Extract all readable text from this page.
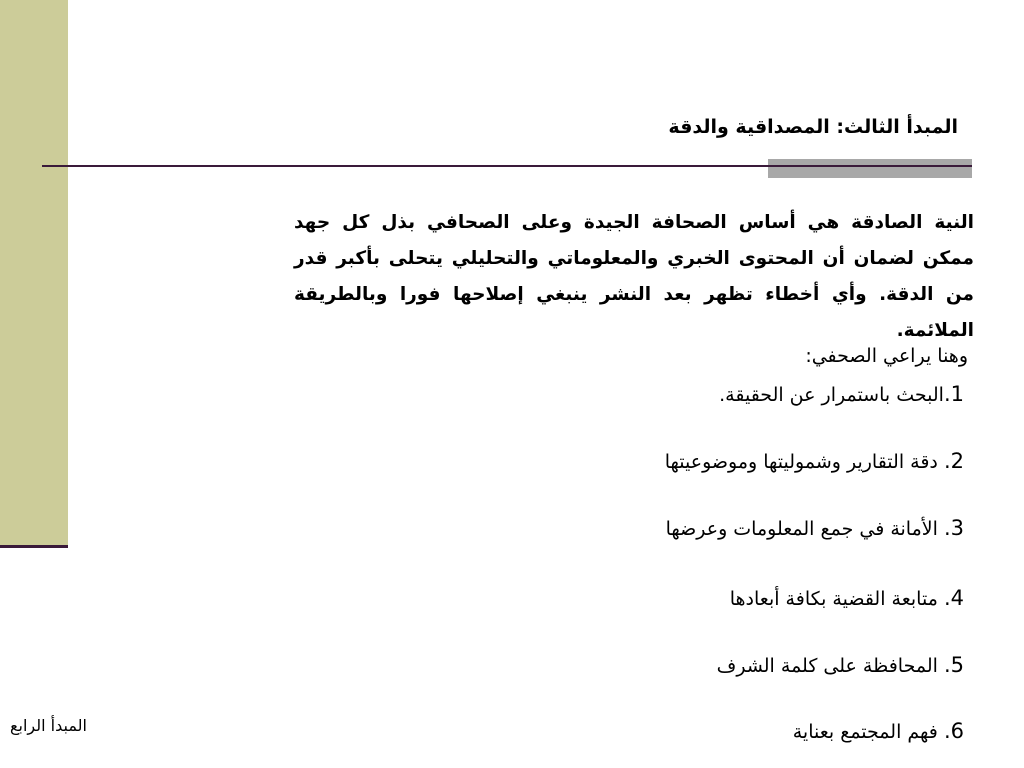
المبدأ الثالث: المصداقية والدقة
النية الصادقة هي أساس الصحافة الجيدة وعلى الصحافي بذل كل جهد ممكن لضمان أن المحتوى الخبري والمعلوماتي والتحليلي يتحلى بأكبر قدر من الدقة. وأي أخطاء تظهر بعد النشر ينبغي إصلاحها فورا وبالطريقة الملائمة.
وهنا يراعي الصحفي:
1.البحث باستمرار عن الحقيقة.
2. دقة التقارير وشموليتها وموضوعيتها
3. الأمانة في جمع المعلومات وعرضها
4. متابعة القضية بكافة أبعادها
5. المحافظة على كلمة الشرف
6. فهم المجتمع بعناية
المبدأ الرابع
